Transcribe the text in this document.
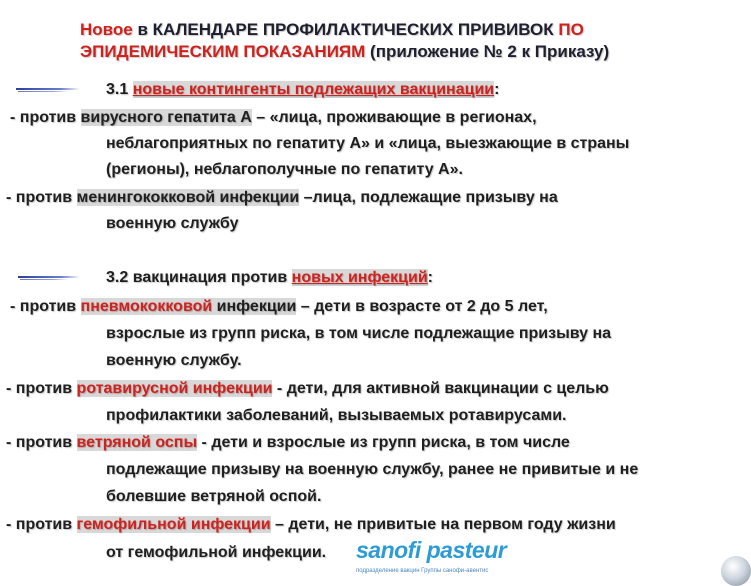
Новое в КАЛЕНДАРЕ ПРОФИЛАКТИЧЕСКИХ ПРИВИВОК ПО
ЭПИДЕМИЧЕСКИМ ПОКАЗАНИЯМ (приложение № 2 к Приказу)
3.1 новые контингенты подлежащих вакцинации:
- против вирусного гепатита А – «лица, проживающие в регионах,
неблагоприятных по гепатиту А» и «лица, выезжающие в страны
(регионы), неблагополучные по гепатиту А».
- против менингококковой инфекции –лица, подлежащие призыву на
военную службу
3.2 вакцинация против новых инфекций:
- против пневмококковой инфекции – дети в возрасте от 2 до 5 лет,
взрослые из групп риска, в том числе подлежащие призыву на
военную службу.
- против ротавирусной инфекции - дети, для активной вакцинации с целью
профилактики заболеваний, вызываемых ротавирусами.
- против ветряной оспы - дети и взрослые из групп риска, в том числе
подлежащие призыву на военную службу, ранее не привитые и не
болевшие ветряной оспой.
- против гемофильной инфекции – дети, не привитые на первом году жизни
от гемофильной инфекции. sanofi pasteur
подразделение вакцин Группы санофи-авентис
